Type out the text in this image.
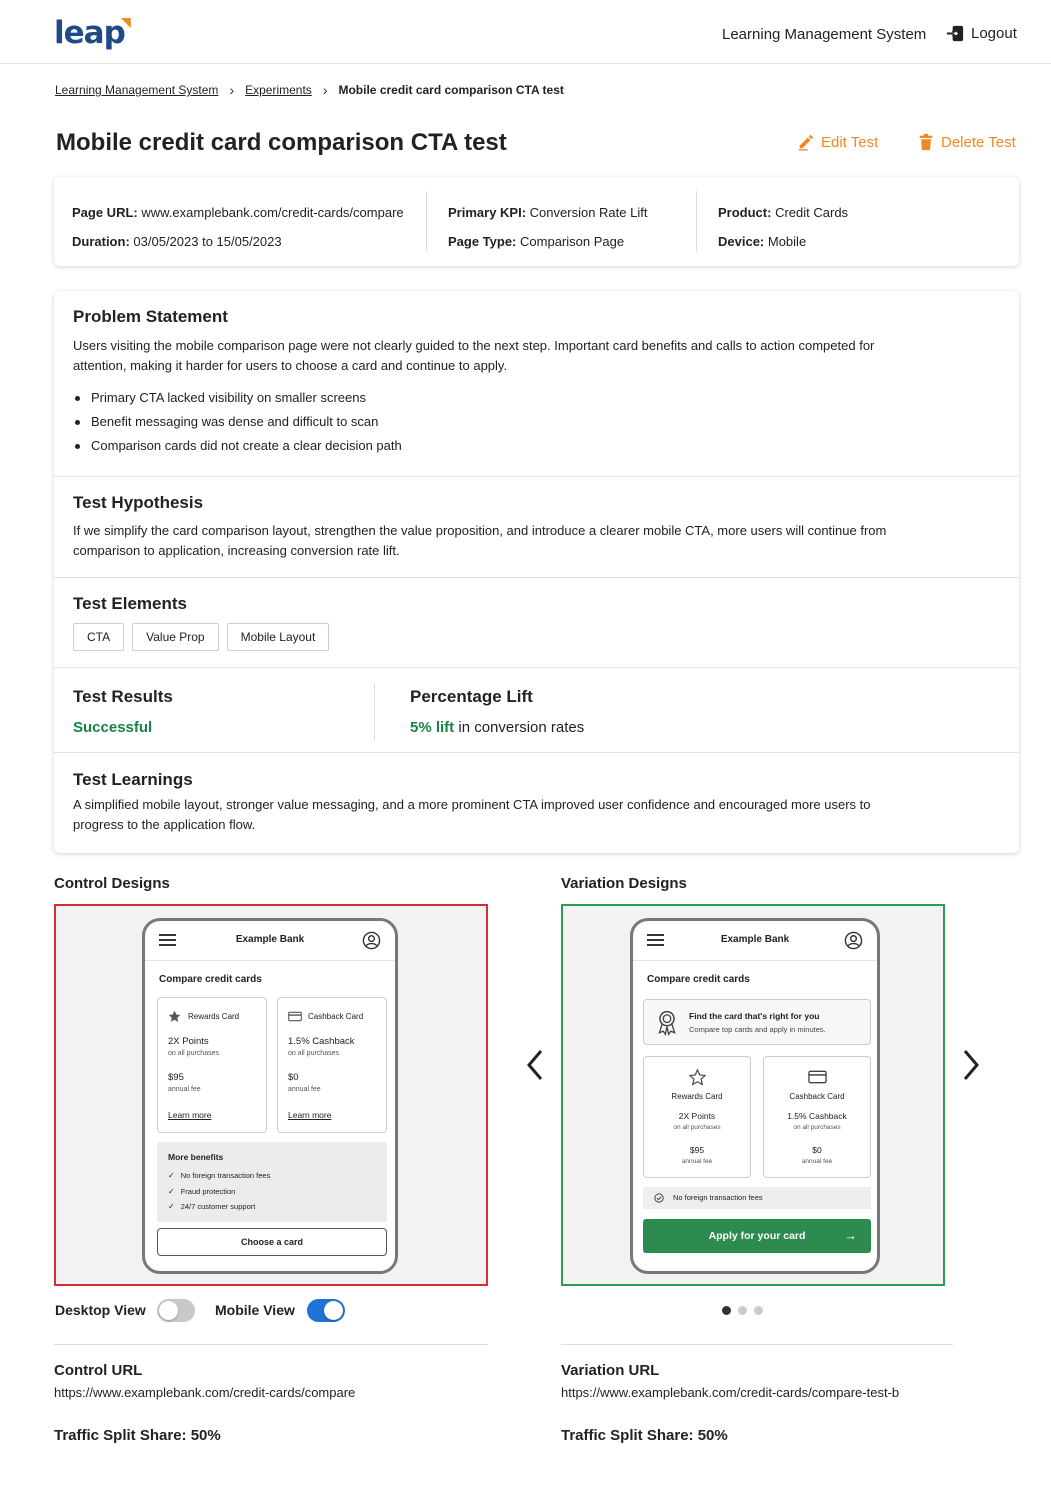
leap	Learning Management System	Logout
Learning Management System › Experiments › Mobile credit card comparison CTA test
Mobile credit card comparison CTA test	Edit Test	Delete Test
Page URL: www.examplebank.com/credit-cards/compare
Duration: 03/05/2023 to 15/05/2023
Primary KPI: Conversion Rate Lift
Page Type: Comparison Page
Product: Credit Cards
Device: Mobile
Problem Statement
Users visiting the mobile comparison page were not clearly guided to the next step. Important card benefits and calls to action competed for attention, making it harder for users to choose a card and continue to apply.
Primary CTA lacked visibility on smaller screens
Benefit messaging was dense and difficult to scan
Comparison cards did not create a clear decision path
Test Hypothesis
If we simplify the card comparison layout, strengthen the value proposition, and introduce a clearer mobile CTA, more users will continue from comparison to application, increasing conversion rate lift.
Test Elements
CTA	Value Prop	Mobile Layout
Test Results
Successful
Percentage Lift
5% lift in conversion rates
Test Learnings
A simplified mobile layout, stronger value messaging, and a more prominent CTA improved user confidence and encouraged more users to progress to the application flow.
Control Designs	Variation Designs
Example Bank
Compare credit cards
Rewards Card
2X Points
on all purchases
$95
annual fee
Learn more
Cashback Card
1.5% Cashback
on all purchases
$0
annual fee
Learn more
More benefits
✓ No foreign transaction fees
✓ Fraud protection
✓ 24/7 customer support
Choose a card
Example Bank
Compare credit cards
Find the card that's right for you
Compare top cards and apply in minutes.
Rewards Card
2X Points
on all purchases
$95
annual fee
Cashback Card
1.5% Cashback
on all purchases
$0
annual fee
No foreign transaction fees
Apply for your card	→
Desktop View	Mobile View
Control URL
https://www.examplebank.com/credit-cards/compare
Traffic Split Share: 50%
Variation URL
https://www.examplebank.com/credit-cards/compare-test-b
Traffic Split Share: 50%
